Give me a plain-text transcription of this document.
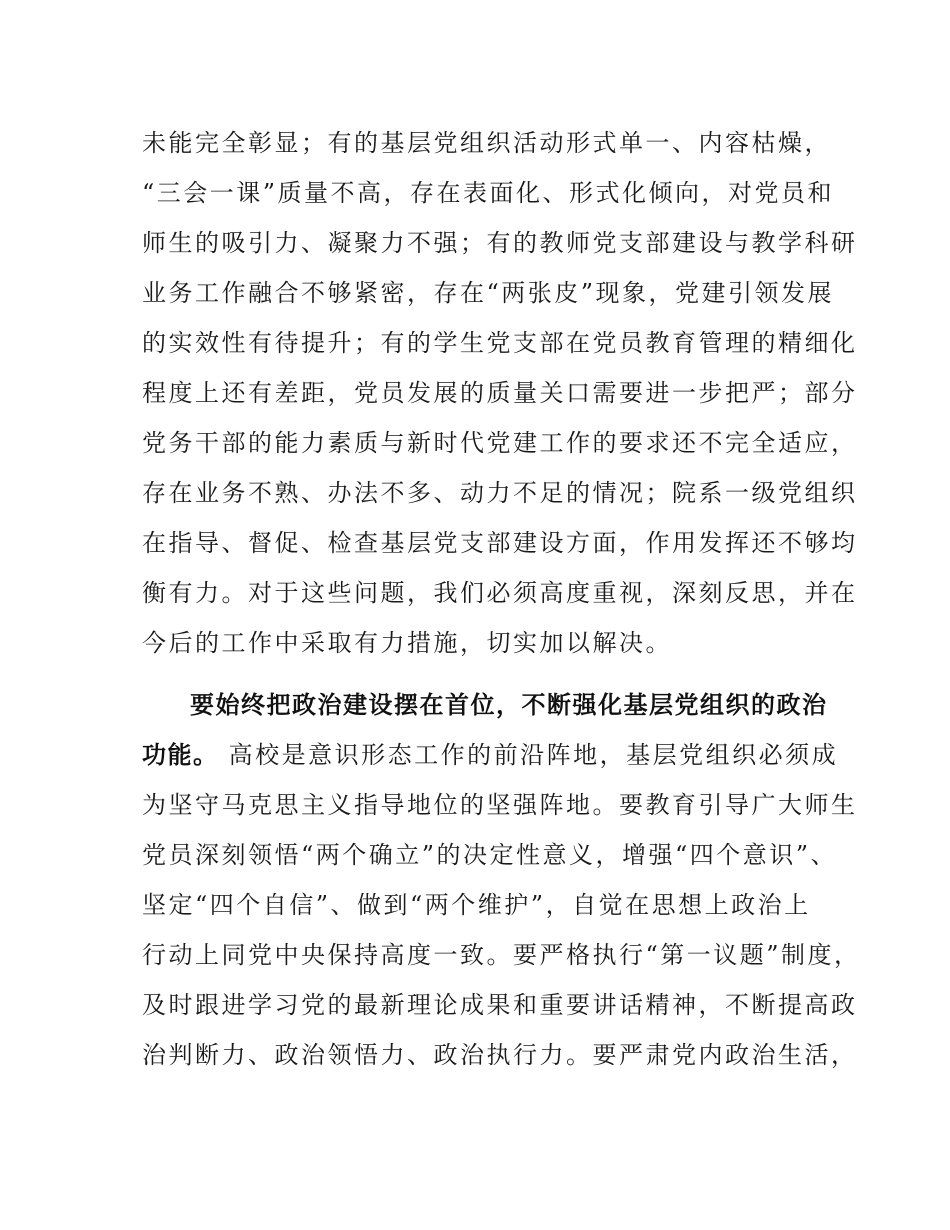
未能完全彰显；有的基层党组织活动形式单一、内容枯燥，
“三会一课”质量不高，存在表面化、形式化倾向，对党员和
师生的吸引力、凝聚力不强；有的教师党支部建设与教学科研
业务工作融合不够紧密，存在“两张皮”现象，党建引领发展
的实效性有待提升；有的学生党支部在党员教育管理的精细化
程度上还有差距，党员发展的质量关口需要进一步把严；部分
党务干部的能力素质与新时代党建工作的要求还不完全适应，
存在业务不熟、办法不多、动力不足的情况；院系一级党组织
在指导、督促、检查基层党支部建设方面，作用发挥还不够均
衡有力。对于这些问题，我们必须高度重视，深刻反思，并在
今后的工作中采取有力措施，切实加以解决。
要始终把政治建设摆在首位，不断强化基层党组织的政治
功能。 高校是意识形态工作的前沿阵地，基层党组织必须成
为坚守马克思主义指导地位的坚强阵地。要教育引导广大师生
党员深刻领悟“两个确立”的决定性意义，增强“四个意识”、
坚定“四个自信”、做到“两个维护”，自觉在思想上政治上
行动上同党中央保持高度一致。要严格执行“第一议题”制度，
及时跟进学习党的最新理论成果和重要讲话精神，不断提高政
治判断力、政治领悟力、政治执行力。要严肃党内政治生活，
